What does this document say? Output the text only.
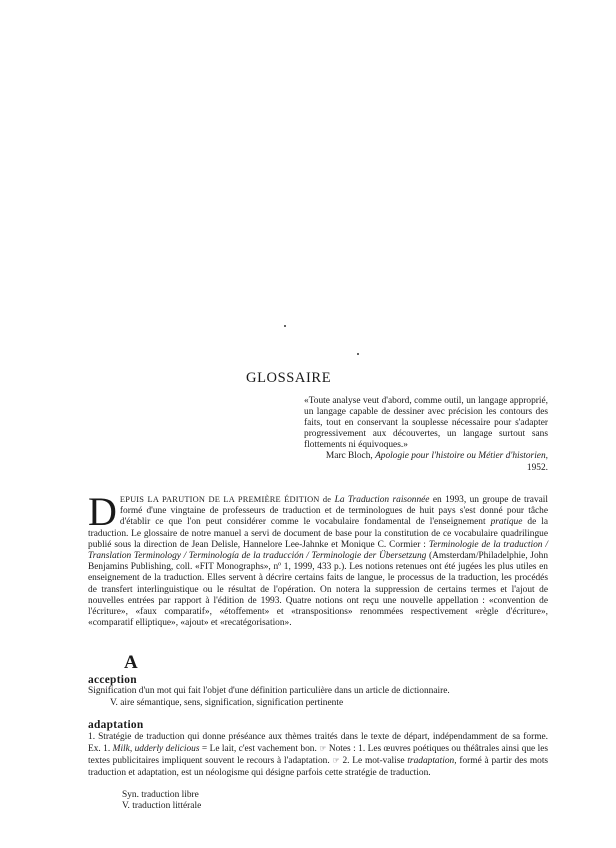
GLOSSAIRE
«Toute analyse veut d'abord, comme outil, un langage approprié, un langage capable de dessiner avec précision les contours des faits, tout en conservant la souplesse nécessaire pour s'adapter progressivement aux découvertes, un langage surtout sans flottements ni équivoques.»
Marc Bloch, Apologie pour l'histoire ou Métier d'historien, 1952.
DEPUIS LA PARUTION DE LA PREMIÈRE ÉDITION de La Traduction raisonnée en 1993, un groupe de travail formé d'une vingtaine de professeurs de traduction et de terminologues de huit pays s'est donné pour tâche d'établir ce que l'on peut considérer comme le vocabulaire fondamental de l'enseignement pratique de la traduction. Le glossaire de notre manuel a servi de document de base pour la constitution de ce vocabulaire quadrilingue publié sous la direction de Jean Delisle, Hannelore Lee-Jahnke et Monique C. Cormier : Terminologie de la traduction / Translation Terminology / Terminología de la traducción / Terminologie der Übersetzung (Amsterdam/Philadelphie, John Benjamins Publishing, coll. «FIT Monographs», nº 1, 1999, 433 p.). Les notions retenues ont été jugées les plus utiles en enseignement de la traduction. Elles servent à décrire certains faits de langue, le processus de la traduction, les procédés de transfert interlinguistique ou le résultat de l'opération. On notera la suppression de certains termes et l'ajout de nouvelles entrées par rapport à l'édition de 1993. Quatre notions ont reçu une nouvelle appellation : «convention de l'écriture», «faux comparatif», «étoffement» et «transpositions» renommées respectivement «règle d'écriture», «comparatif elliptique», «ajout» et «recatégorisation».
A
acception
Signification d'un mot qui fait l'objet d'une définition particulière dans un article de dictionnaire.
V. aire sémantique, sens, signification, signification pertinente
adaptation
1. Stratégie de traduction qui donne préséance aux thèmes traités dans le texte de départ, indépendamment de sa forme. Ex. 1. Milk, udderly delicious = Le lait, c'est vachement bon. ☞ Notes : 1. Les œuvres poétiques ou théâtrales ainsi que les textes publicitaires impliquent souvent le recours à l'adaptation. ☞ 2. Le mot-valise tradaptation, formé à partir des mots traduction et adaptation, est un néologisme qui désigne parfois cette stratégie de traduction.
Syn. traduction libre
V. traduction littérale
